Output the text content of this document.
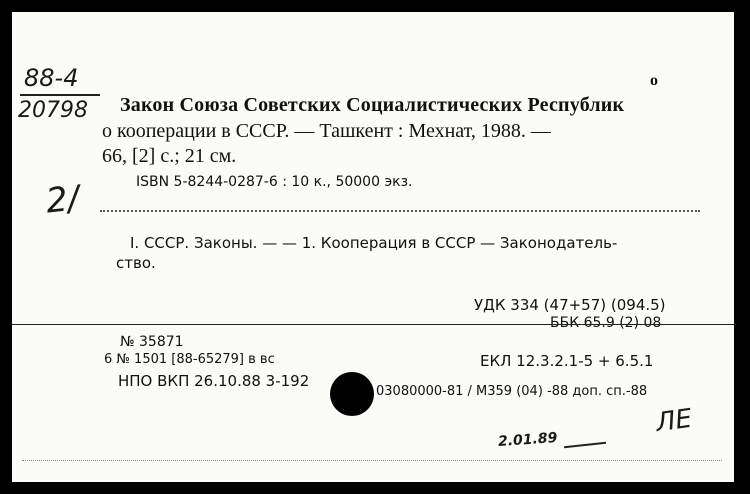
88-4
20798
о
Закон Союза Советских Социалистических Республик
о кооперации в СССР. — Ташкент : Мехнат, 1988. —
66, [2] с.; 21 см.
ISBN 5-8244-0287-6 : 10 к., 50000 экз.
2/
I. СССР. Законы. — — 1. Кооперация в СССР — Законодатель-
ство.
УДК 334 (47+57) (094.5)
ББК 65.9 (2) 08
№ 35871
6 № 1501 [88-65279] в вс	ЕКЛ 12.3.2.1-5 + 6.5.1
НПО ВКП 26.10.88 3-192
03080000-81 / М359 (04) -88 доп. сп.-88
ЛЕ
2.01.89
